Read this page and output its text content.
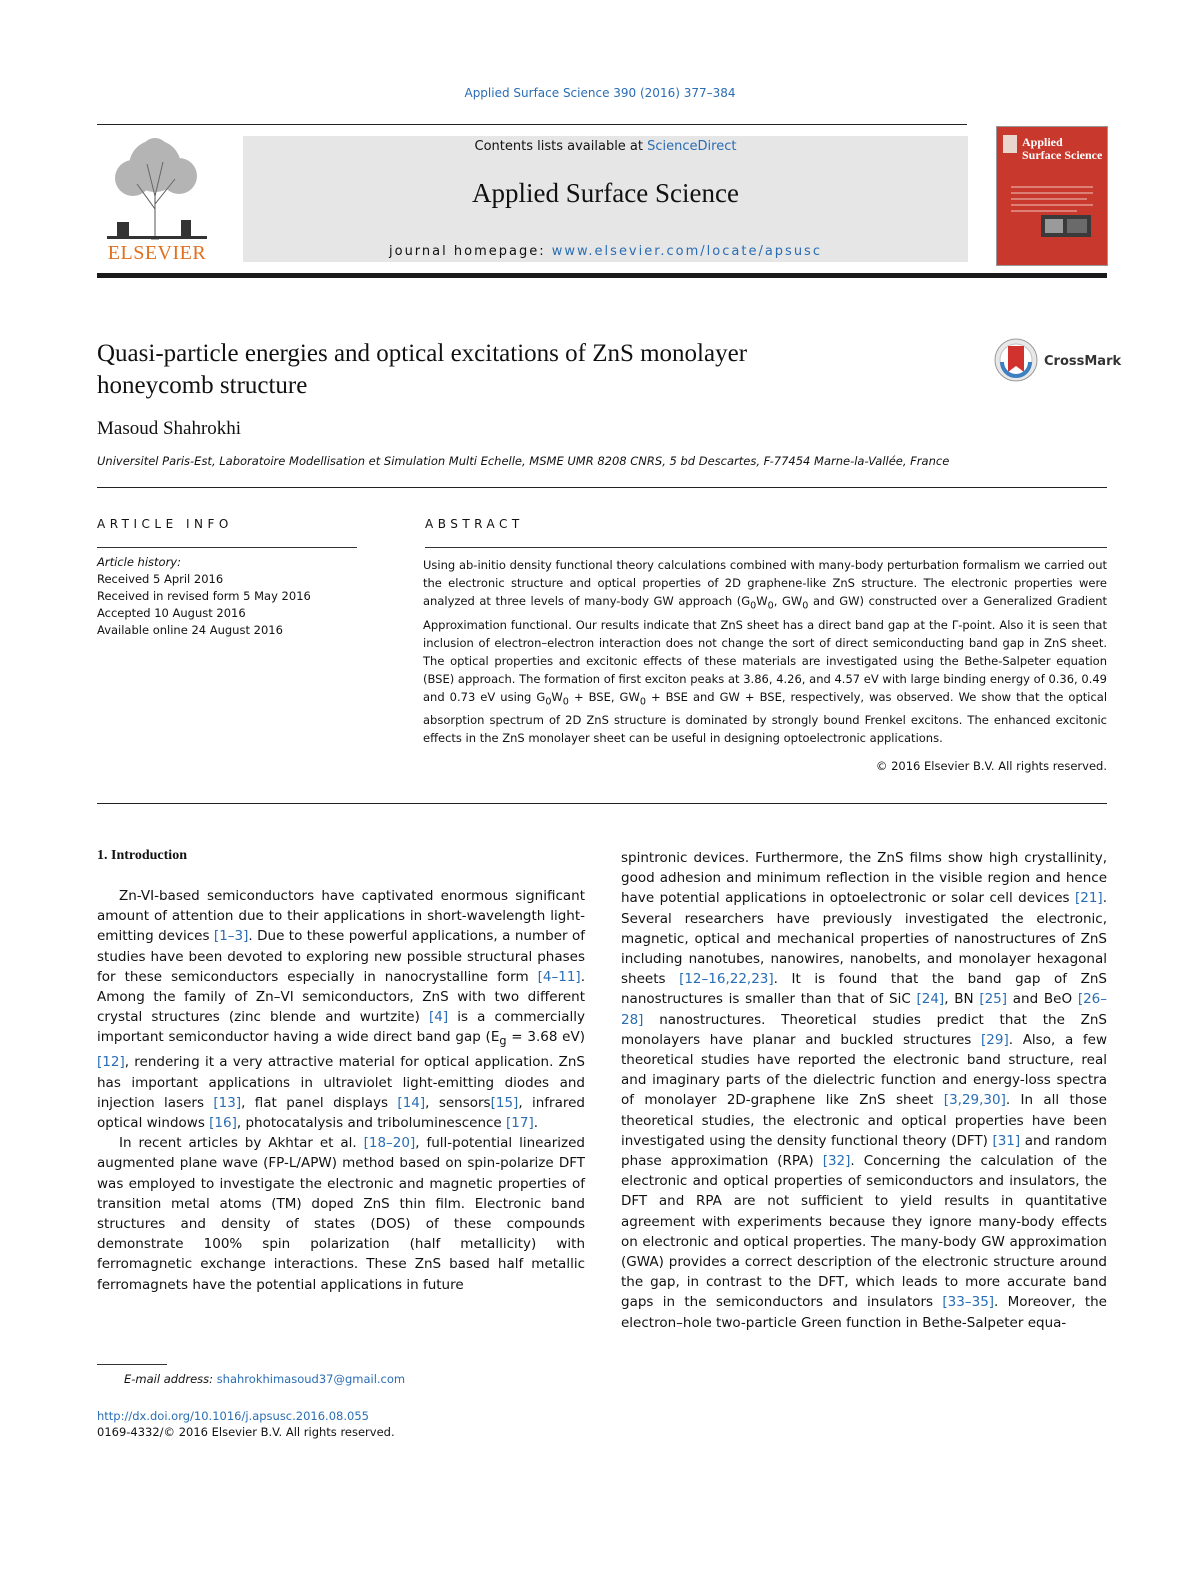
Applied Surface Science 390 (2016) 377–384
ELSEVIER
Contents lists available at ScienceDirect
Applied Surface Science
journal homepage: www.elsevier.com/locate/apsusc
Applied
Surface Science
Quasi-particle energies and optical excitations of ZnS monolayer
honeycomb structure
CrossMark
Masoud Shahrokhi
Universitel Paris-Est, Laboratoire Modellisation et Simulation Multi Echelle, MSME UMR 8208 CNRS, 5 bd Descartes, F-77454 Marne-la-Vallée, France
ARTICLE INFO
Article history:
Received 5 April 2016
Received in revised form 5 May 2016
Accepted 10 August 2016
Available online 24 August 2016
ABSTRACT
Using ab-initio density functional theory calculations combined with many-body perturbation formalism we carried out the electronic structure and optical properties of 2D graphene-like ZnS structure. The electronic properties were analyzed at three levels of many-body GW approach ($G_0W_0$, $GW_0$ and GW) constructed over a Generalized Gradient Approximation functional. Our results indicate that ZnS sheet has a direct band gap at the Γ-point. Also it is seen that inclusion of electron–electron interaction does not change the sort of direct semiconducting band gap in ZnS sheet. The optical properties and excitonic effects of these materials are investigated using the Bethe-Salpeter equation (BSE) approach. The formation of first exciton peaks at 3.86, 4.26, and 4.57 eV with large binding energy of 0.36, 0.49 and 0.73 eV using $G_0W_0$ + BSE, $GW_0$ + BSE and GW + BSE, respectively, was observed. We show that the optical absorption spectrum of 2D ZnS structure is dominated by strongly bound Frenkel excitons. The enhanced excitonic effects in the ZnS monolayer sheet can be useful in designing optoelectronic applications.
© 2016 Elsevier B.V. All rights reserved.
1. Introduction

Zn-VI-based semiconductors have captivated enormous significant amount of attention due to their applications in short-wavelength light-emitting devices [1–3]. Due to these powerful applications, a number of studies have been devoted to exploring new possible structural phases for these semiconductors especially in nanocrystalline form [4–11]. Among the family of Zn–VI semiconductors, ZnS with two different crystal structures (zinc blende and wurtzite) [4] is a commercially important semiconductor having a wide direct band gap ($E_g = 3.68$ eV) [12], rendering it a very attractive material for optical application. ZnS has important applications in ultraviolet light-emitting diodes and injection lasers [13], flat panel displays [14], sensors[15], infrared optical windows [16], photocatalysis and triboluminescence [17].

In recent articles by Akhtar et al. [18–20], full-potential linearized augmented plane wave (FP-L/APW) method based on spin-polarize DFT was employed to investigate the electronic and magnetic properties of transition metal atoms (TM) doped ZnS thin film. Electronic band structures and density of states (DOS) of these compounds demonstrate 100% spin polarization (half metallicity) with ferromagnetic exchange interactions. These ZnS based half metallic ferromagnets have the potential applications in future

spintronic devices. Furthermore, the ZnS films show high crystallinity, good adhesion and minimum reflection in the visible region and hence have potential applications in optoelectronic or solar cell devices [21]. Several researchers have previously investigated the electronic, magnetic, optical and mechanical properties of nanostructures of ZnS including nanotubes, nanowires, nanobelts, and monolayer hexagonal sheets [12–16,22,23]. It is found that the band gap of ZnS nanostructures is smaller than that of SiC [24], BN [25] and BeO [26–28] nanostructures. Theoretical studies predict that the ZnS monolayers have planar and buckled structures [29]. Also, a few theoretical studies have reported the electronic band structure, real and imaginary parts of the dielectric function and energy-loss spectra of monolayer 2D-graphene like ZnS sheet [3,29,30]. In all those theoretical studies, the electronic and optical properties have been investigated using the density functional theory (DFT) [31] and random phase approximation (RPA) [32]. Concerning the calculation of the electronic and optical properties of semiconductors and insulators, the DFT and RPA are not sufficient to yield results in quantitative agreement with experiments because they ignore many-body effects on electronic and optical properties. The many-body GW approximation (GWA) provides a correct description of the electronic structure around the gap, in contrast to the DFT, which leads to more accurate band gaps in the semiconductors and insulators [33–35]. Moreover, the electron–hole two-particle Green function in Bethe-Salpeter equa-

E-mail address: shahrokhimasoud37@gmail.com
http://dx.doi.org/10.1016/j.apsusc.2016.08.055
0169-4332/© 2016 Elsevier B.V. All rights reserved.
